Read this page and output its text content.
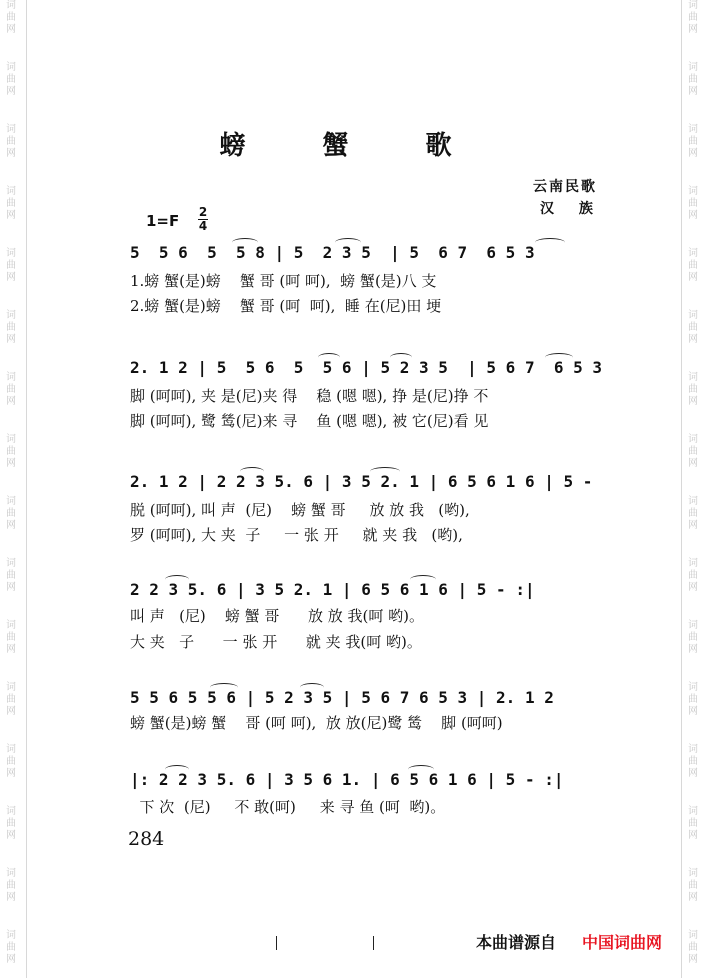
词
曲
网
词
曲
网
词
曲
网
词
曲
网
词
曲
网
词
曲
网
词
曲
网
词
曲
网
词
曲
网
词
曲
网
词
曲
网
词
曲
网
词
曲
网
词
曲
网
词
曲
网
词
曲
网
词
曲
网
词
曲
网
词
曲
网
词
曲
网
词
曲
网
词
曲
网
词
曲
网
词
曲
网
词
曲
网
词
曲
网
词
曲
网
词
曲
网
词
曲
网
词
曲
网
词
曲
网
词
曲
网
螃 蟹 歌
云南民歌
汉 族
1=F 2
4
5  5 6  5  5 8 | 5  2 3 5  | 5  6 7  6 5 3
1.螃 蟹(是)螃    蟹 哥 (呵 呵),  螃 蟹(是)八 支
2.螃 蟹(是)螃    蟹 哥 (呵  呵),  睡 在(尼)田 埂
2. 1 2 | 5  5 6  5  5 6 | 5 2 3 5  | 5 6 7  6 5 3
脚 (呵呵), 夹 是(尼)夹 得    稳 (嗯 嗯), 挣 是(尼)挣 不
脚 (呵呵), 鹭 鸶(尼)来 寻    鱼 (嗯 嗯), 被 它(尼)看 见
2. 1 2 | 2 2 3 5. 6 | 3 5 2. 1 | 6 5 6 1 6 | 5 -
脱 (呵呵), 叫 声  (尼)    螃 蟹 哥     放 放 我   (哟),
罗 (呵呵), 大 夹  子     一 张 开     就 夹 我   (哟),
2 2 3 5. 6 | 3 5 2. 1 | 6 5 6 1 6 | 5 - :|
叫 声   (尼)    螃 蟹 哥      放 放 我(呵 哟)。
大 夹   子      一 张 开      就 夹 我(呵 哟)。
5 5 6 5 5 6 | 5 2 3 5 | 5 6 7 6 5 3 | 2. 1 2
螃 蟹(是)螃 蟹    哥 (呵 呵),  放 放(尼)鹭 鸶    脚 (呵呵)
|: 2 2 3 5. 6 | 3 5 6 1. | 6 5 6 1 6 | 5 - :|
下 次  (尼)     不 敢(呵)     来 寻 鱼 (呵  哟)。
284
本曲谱源自 中国词曲网
